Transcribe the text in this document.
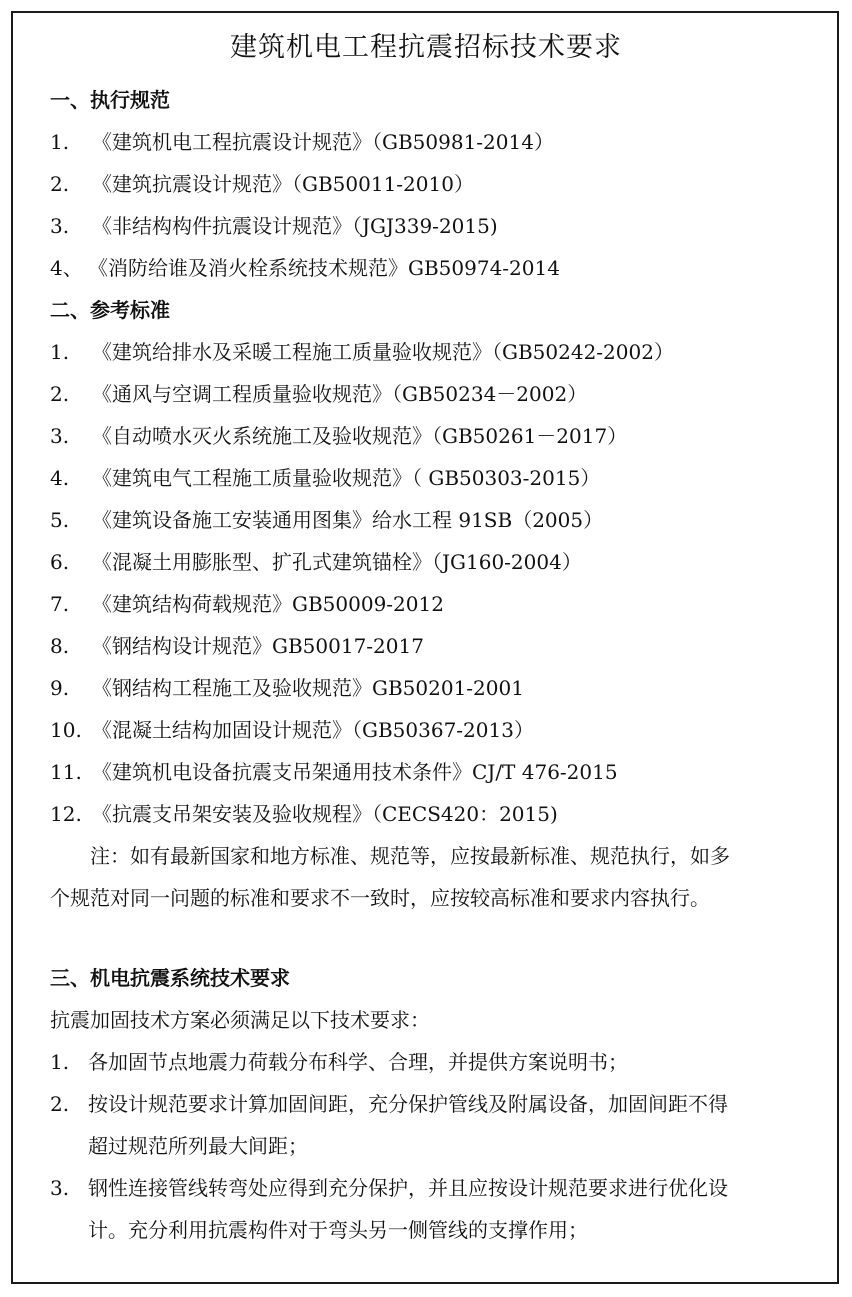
建筑机电工程抗震招标技术要求
一、执行规范
1. 《建筑机电工程抗震设计规范》（GB50981-2014）
2. 《建筑抗震设计规范》（GB50011-2010）
3. 《非结构构件抗震设计规范》（JGJ339-2015)
4、 《消防给谁及消火栓系统技术规范》GB50974-2014
二、参考标准
1. 《建筑给排水及采暖工程施工质量验收规范》（GB50242-2002）
2. 《通风与空调工程质量验收规范》（GB50234－2002）
3. 《自动喷水灭火系统施工及验收规范》（GB50261－2017）
4. 《建筑电气工程施工质量验收规范》（ GB50303-2015）
5. 《建筑设备施工安装通用图集》给水工程 91SB（2005）
6. 《混凝土用膨胀型、扩孔式建筑锚栓》（JG160-2004）
7. 《建筑结构荷载规范》GB50009-2012
8. 《钢结构设计规范》GB50017-2017
9. 《钢结构工程施工及验收规范》GB50201-2001
10. 《混凝土结构加固设计规范》（GB50367-2013）
11. 《建筑机电设备抗震支吊架通用技术条件》CJ/T 476-2015
12. 《抗震支吊架安装及验收规程》（CECS420：2015)
注：如有最新国家和地方标准、规范等，应按最新标准、规范执行，如多
个规范对同一问题的标准和要求不一致时，应按较高标准和要求内容执行。
三、机电抗震系统技术要求
抗震加固技术方案必须满足以下技术要求：
1. 各加固节点地震力荷载分布科学、合理，并提供方案说明书；
2. 按设计规范要求计算加固间距，充分保护管线及附属设备，加固间距不得
超过规范所列最大间距；
3. 钢性连接管线转弯处应得到充分保护，并且应按设计规范要求进行优化设
计。充分利用抗震构件对于弯头另一侧管线的支撑作用；
